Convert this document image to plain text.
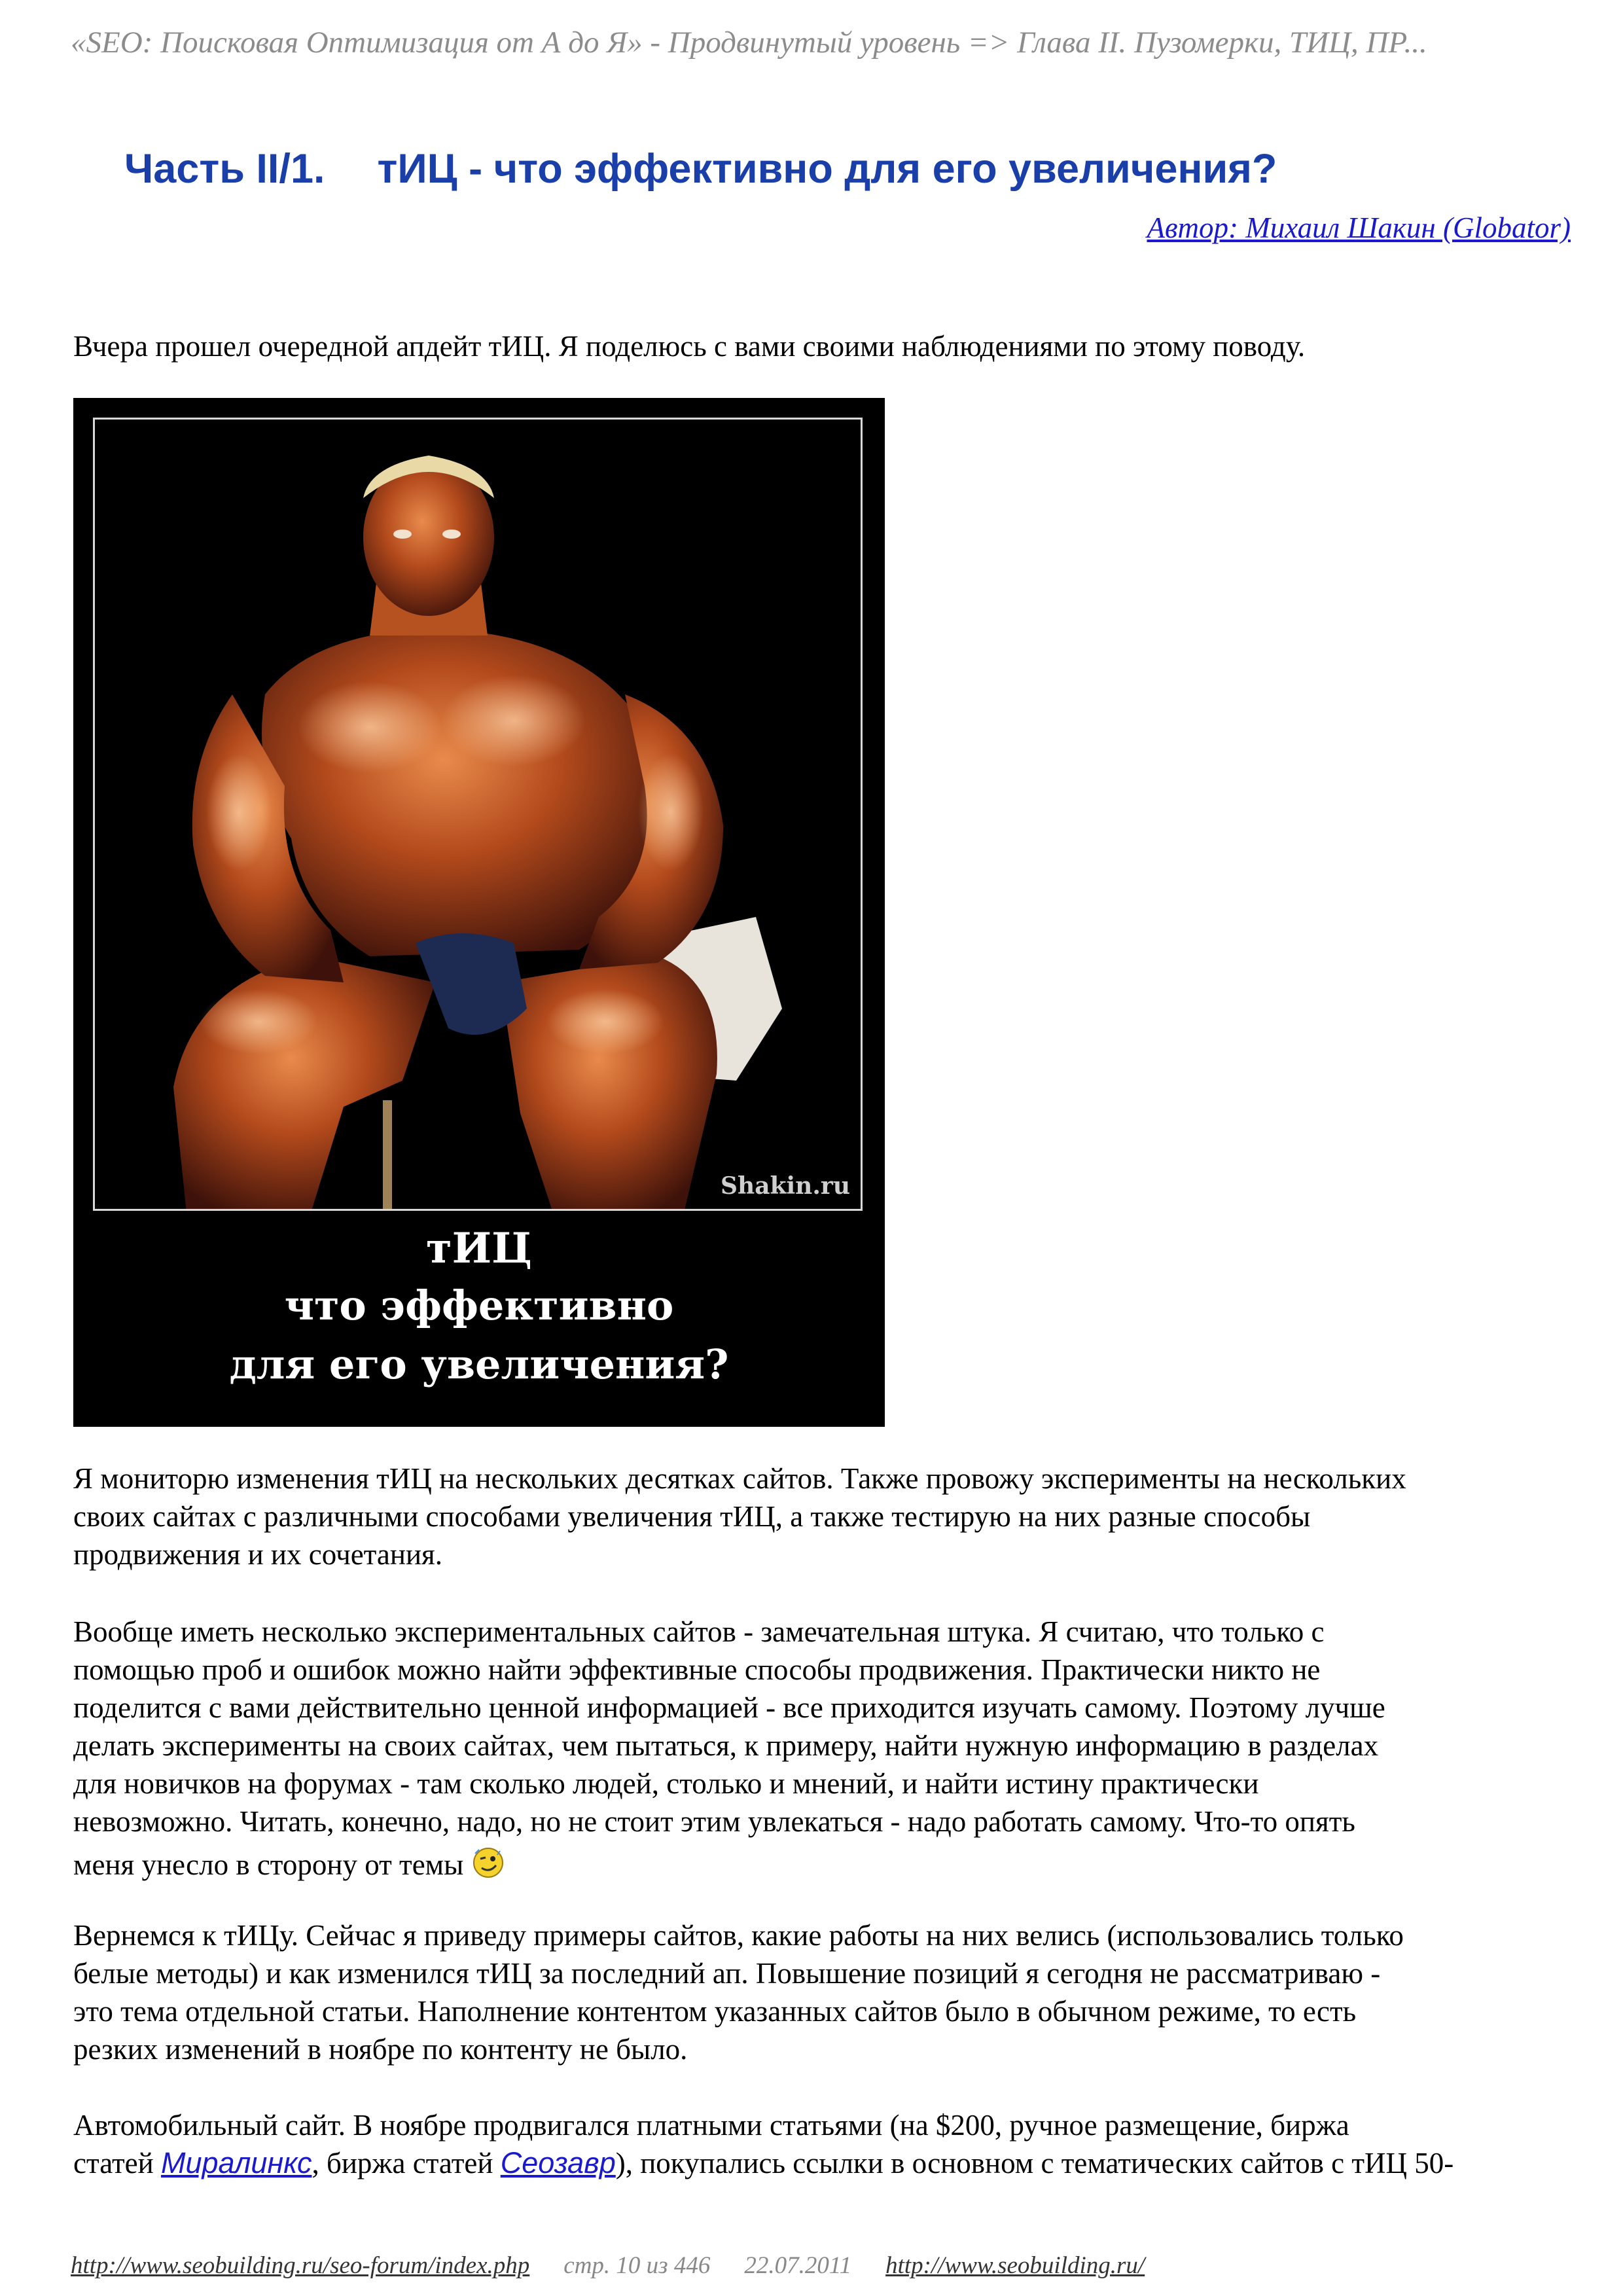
«SEO: Поисковая Оптимизация от А до Я» - Продвинутый уровень => Глава II. Пузомерки, ТИЦ, ПР...
Часть II/1. тИЦ - что эффективно для его увеличения?
Автор: Михаил Шакин (Globator)
Вчера прошел очередной апдейт тИЦ. Я поделюсь с вами своими наблюдениями по этому поводу.
Shakin.ru
тИЦ
что эффективно
для его увеличения?
Я мониторю изменения тИЦ на нескольких десятках сайтов. Также провожу эксперименты на нескольких
своих сайтах с различными способами увеличения тИЦ, а также тестирую на них разные способы
продвижения и их сочетания.
Вообще иметь несколько экспериментальных сайтов - замечательная штука. Я считаю, что только с
помощью проб и ошибок можно найти эффективные способы продвижения. Практически никто не
поделится с вами действительно ценной информацией - все приходится изучать самому. Поэтому лучше
делать эксперименты на своих сайтах, чем пытаться, к примеру, найти нужную информацию в разделах
для новичков на форумах - там сколько людей, столько и мнений, и найти истину практически
невозможно. Читать, конечно, надо, но не стоит этим увлекаться - надо работать самому. Что-то опять
меня унесло в сторону от темы
Вернемся к тИЦу. Сейчас я приведу примеры сайтов, какие работы на них велись (использовались только
белые методы) и как изменился тИЦ за последний ап. Повышение позиций я сегодня не рассматриваю -
это тема отдельной статьи. Наполнение контентом указанных сайтов было в обычном режиме, то есть
резких изменений в ноябре по контенту не было.
Автомобильный сайт. В ноябре продвигался платными статьями (на $200, ручное размещение, биржа
статей Миралинкс, биржа статей Сеозавр), покупались ссылки в основном с тематических сайтов с тИЦ 50-
http://www.seobuilding.ru/seo-forum/index.php стр. 10 из 446 22.07.2011 http://www.seobuilding.ru/
